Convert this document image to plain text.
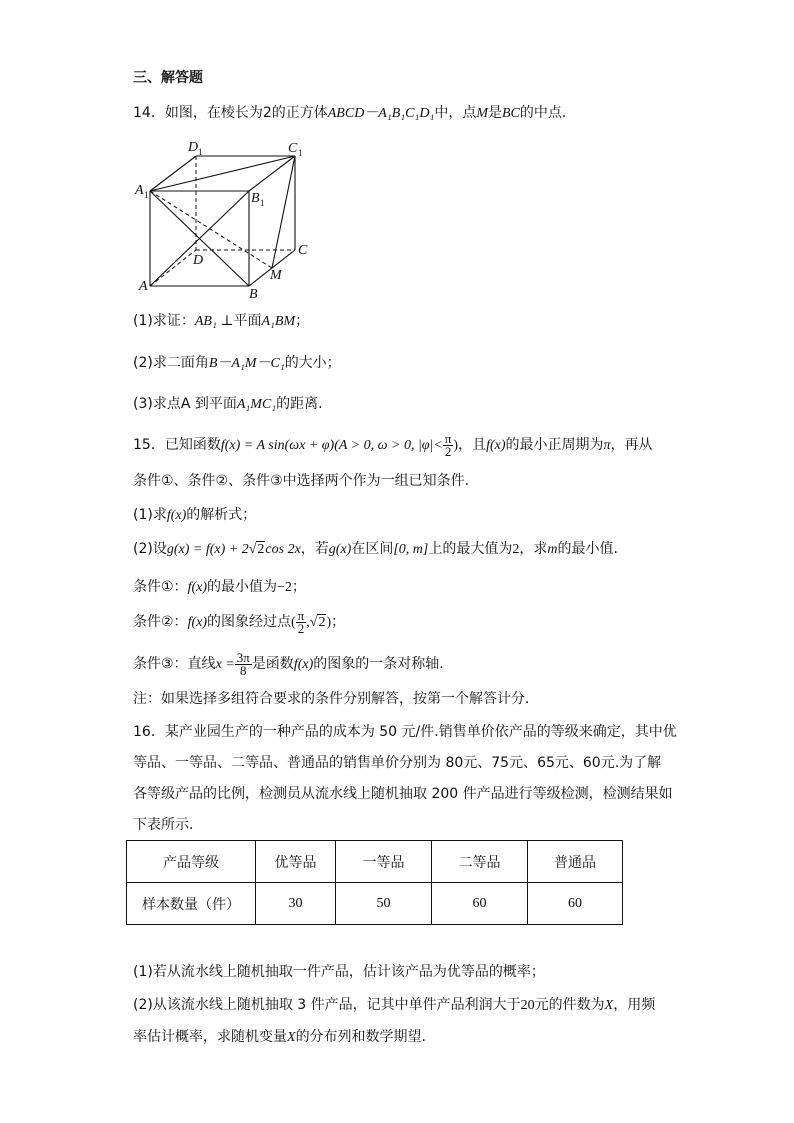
三、解答题
14．如图，在棱长为2的正方体ABCD－A₁B₁C₁D₁中，点M是BC的中点.
D 1	C 1
A 1	B 1
C
D
M
A
B
(1)求证：AB₁ ⊥平面A₁BM；
(2)求二面角B－A₁M－C₁的大小；
(3)求点A 到平面A₁MC₁的距离.
15．已知函数f(x) = A sin(ωx + φ)(A > 0, ω > 0, $|\varphi|< \frac{\pi}{2}$ )，且f(x)的最小正周期为π，再从
条件①、条件②、条件③中选择两个作为一组已知条件.
(1)求f(x)的解析式；
(2)设g(x) = f(x) + 2√2cos 2x，若g(x)在区间[0, m]上的最大值为2，求m的最小值.
条件①：f(x)的最小值为−2；
条件②：f(x)的图象经过点( $\frac{\pi}{2} ,√2$)；
条件③：直线$x = \frac{3\pi}{8}$ 是函数f(x)的图象的一条对称轴.
注：如果选择多组符合要求的条件分别解答，按第一个解答计分．
16．某产业园生产的一种产品的成本为 50 元/件.销售单价依产品的等级来确定，其中优
等品、一等品、二等品、普通品的销售单价分别为 80元、75元、65元、60元.为了解
各等级产品的比例，检测员从流水线上随机抽取 200 件产品进行等级检测，检测结果如
下表所示.
产品等级	优等品	一等品	二等品	普通品
样本数量（件）	30	50	60	60
(1)若从流水线上随机抽取一件产品，估计该产品为优等品的概率；
(2)从该流水线上随机抽取 3 件产品，记其中单件产品利润大于20元的件数为X，用频
率估计概率，求随机变量X的分布列和数学期望.
